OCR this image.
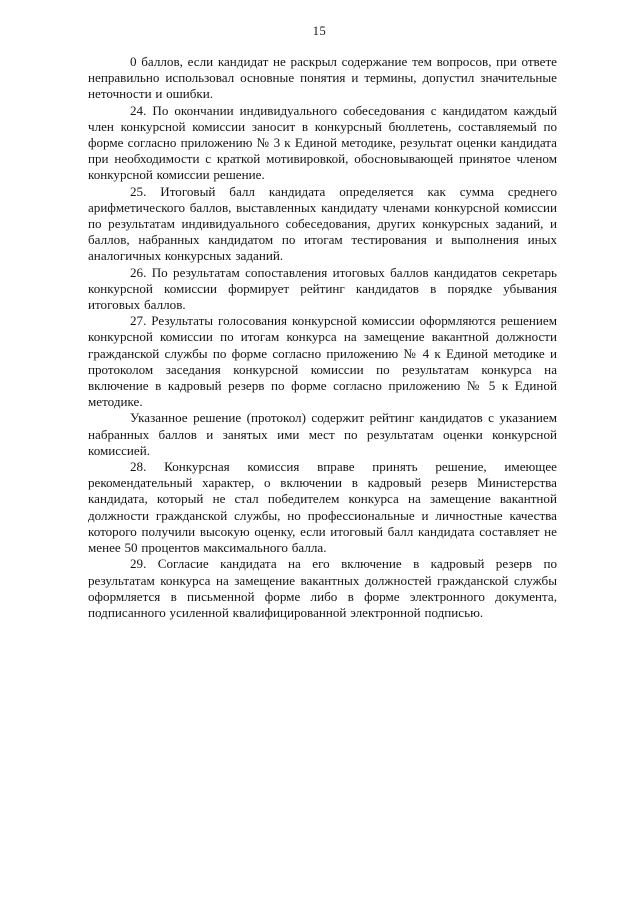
15

0 баллов, если кандидат не раскрыл содержание тем вопросов, при ответе неправильно использовал основные понятия и термины, допустил значительные неточности и ошибки.

24. По окончании индивидуального собеседования с кандидатом каждый член конкурсной комиссии заносит в конкурсный бюллетень, составляемый по форме согласно приложению № 3 к Единой методике, результат оценки кандидата при необходимости с краткой мотивировкой, обосновывающей принятое членом конкурсной комиссии решение.

25. Итоговый балл кандидата определяется как сумма среднего арифметического баллов, выставленных кандидату членами конкурсной комиссии по результатам индивидуального собеседования, других конкурсных заданий, и баллов, набранных кандидатом по итогам тестирования и выполнения иных аналогичных конкурсных заданий.

26. По результатам сопоставления итоговых баллов кандидатов секретарь конкурсной комиссии формирует рейтинг кандидатов в порядке убывания итоговых баллов.

27. Результаты голосования конкурсной комиссии оформляются решением конкурсной комиссии по итогам конкурса на замещение вакантной должности гражданской службы по форме согласно приложению № 4 к Единой методике и протоколом заседания конкурсной комиссии по результатам конкурса на включение в кадровый резерв по форме согласно приложению № 5 к Единой методике.

Указанное решение (протокол) содержит рейтинг кандидатов с указанием набранных баллов и занятых ими мест по результатам оценки конкурсной комиссией.

28. Конкурсная комиссия вправе принять решение, имеющее рекомендательный характер, о включении в кадровый резерв Министерства кандидата, который не стал победителем конкурса на замещение вакантной должности гражданской службы, но профессиональные и личностные качества которого получили высокую оценку, если итоговый балл кандидата составляет не менее 50 процентов максимального балла.

29. Согласие кандидата на его включение в кадровый резерв по результатам конкурса на замещение вакантных должностей гражданской службы оформляется в письменной форме либо в форме электронного документа, подписанного усиленной квалифицированной электронной подписью.
